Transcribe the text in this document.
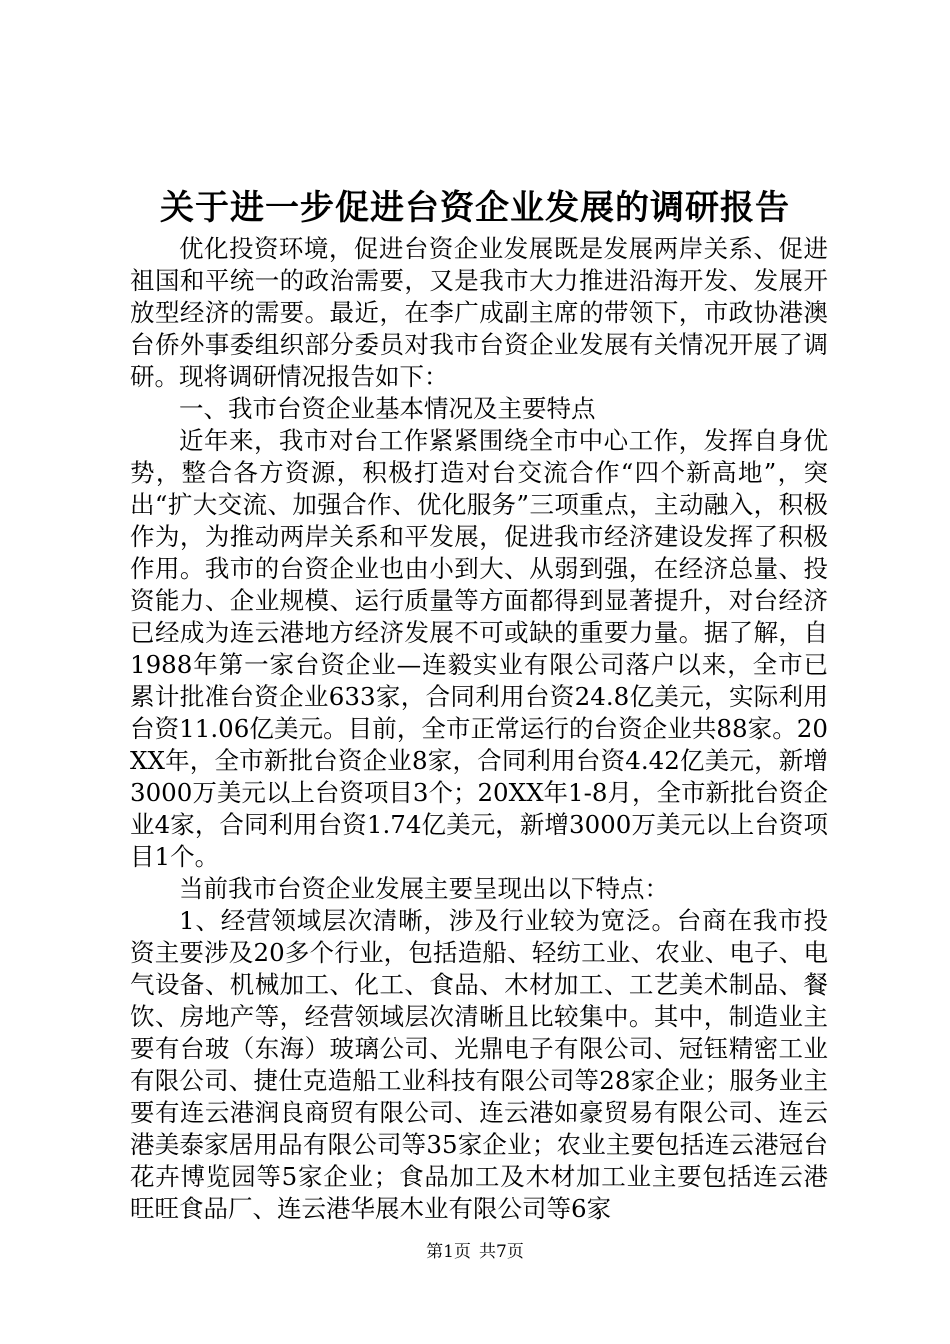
关于进一步促进台资企业发展的调研报告

优化投资环境，促进台资企业发展既是发展两岸关系、促进祖国和平统一的政治需要，又是我市大力推进沿海开发、发展开放型经济的需要。最近，在李广成副主席的带领下，市政协港澳台侨外事委组织部分委员对我市台资企业发展有关情况开展了调研。现将调研情况报告如下：

一、我市台资企业基本情况及主要特点

近年来，我市对台工作紧紧围绕全市中心工作，发挥自身优势，整合各方资源，积极打造对台交流合作“四个新高地”，突出“扩大交流、加强合作、优化服务”三项重点，主动融入，积极作为，为推动两岸关系和平发展，促进我市经济建设发挥了积极作用。我市的台资企业也由小到大、从弱到强，在经济总量、投资能力、企业规模、运行质量等方面都得到显著提升，对台经济已经成为连云港地方经济发展不可或缺的重要力量。据了解，自1988年第一家台资企业—连毅实业有限公司落户以来，全市已累计批准台资企业633家，合同利用台资24.8亿美元，实际利用台资11.06亿美元。目前，全市正常运行的台资企业共88家。20XX年，全市新批台资企业8家，合同利用台资4.42亿美元，新增3000万美元以上台资项目3个；20XX年1-8月，全市新批台资企业4家，合同利用台资1.74亿美元，新增3000万美元以上台资项目1个。

当前我市台资企业发展主要呈现出以下特点：

1、经营领域层次清晰，涉及行业较为宽泛。台商在我市投资主要涉及20多个行业，包括造船、轻纺工业、农业、电子、电气设备、机械加工、化工、食品、木材加工、工艺美术制品、餐饮、房地产等，经营领域层次清晰且比较集中。其中，制造业主要有台玻（东海）玻璃公司、光鼎电子有限公司、冠钰精密工业有限公司、捷仕克造船工业科技有限公司等28家企业；服务业主要有连云港润良商贸有限公司、连云港如豪贸易有限公司、连云港美泰家居用品有限公司等35家企业；农业主要包括连云港冠台花卉博览园等5家企业；食品加工及木材加工业主要包括连云港旺旺食品厂、连云港华展木业有限公司等6家

第1页 共7页
